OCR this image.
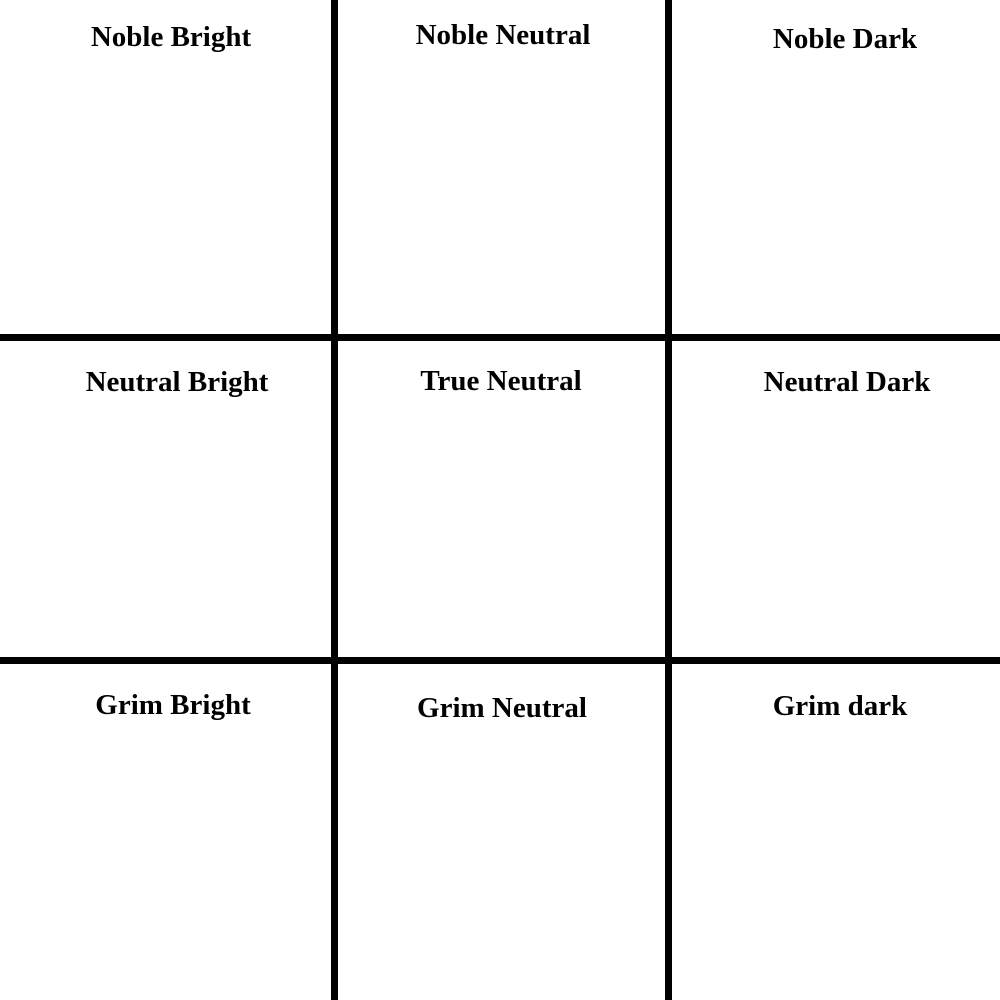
Noble Bright	Noble Neutral	Noble Dark
Neutral Bright	True Neutral	Neutral Dark
Grim Bright	Grim Neutral	Grim dark
